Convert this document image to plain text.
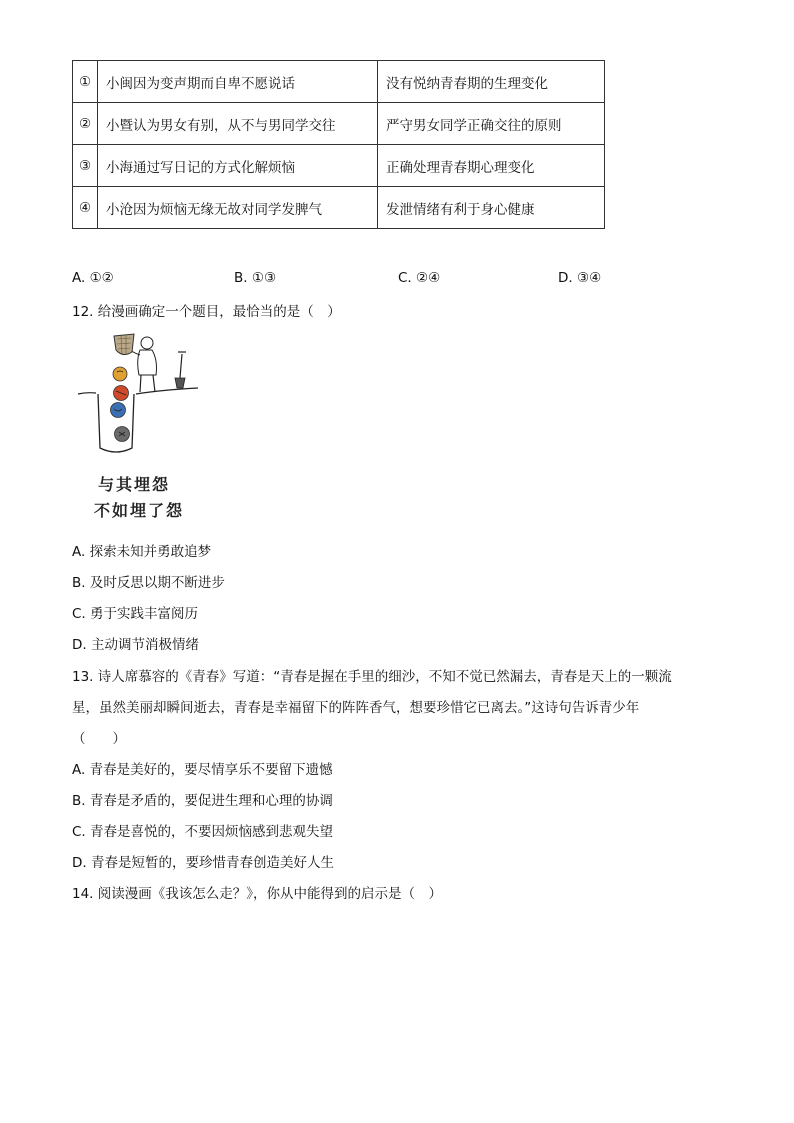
①	小闽因为变声期而自卑不愿说话	没有悦纳青春期的生理变化
②	小暨认为男女有别，从不与男同学交往	严守男女同学正确交往的原则
③	小海通过写日记的方式化解烦恼	正确处理青春期心理变化
④	小沧因为烦恼无缘无故对同学发脾气	发泄情绪有利于身心健康
A. ①②	B. ①③	C. ②④	D. ③④
12. 给漫画确定一个题目，最恰当的是（　）
与其埋怨
不如埋了怨
A. 探索未知并勇敢追梦
B. 及时反思以期不断进步
C. 勇于实践丰富阅历
D. 主动调节消极情绪
13. 诗人席慕容的《青春》写道：“青春是握在手里的细沙，不知不觉已然漏去，青春是天上的一颗流
星，虽然美丽却瞬间逝去，青春是幸福留下的阵阵香气，想要珍惜它已离去。”这诗句告诉青少年
（　　）
A. 青春是美好的，要尽情享乐不要留下遗憾
B. 青春是矛盾的，要促进生理和心理的协调
C. 青春是喜悦的，不要因烦恼感到悲观失望
D. 青春是短暂的，要珍惜青春创造美好人生
14. 阅读漫画《我该怎么走？》，你从中能得到的启示是（　）
